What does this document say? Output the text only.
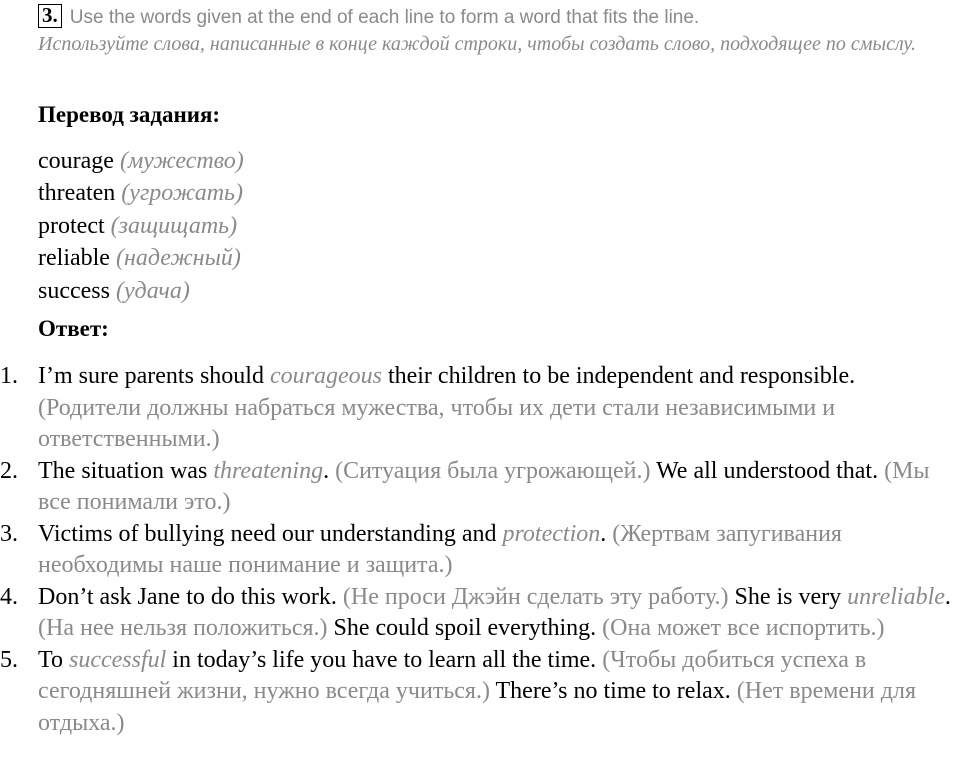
3. Use the words given at the end of each line to form a word that fits the line.
Используйте слова, написанные в конце каждой строки, чтобы создать слово, подходящее по смыслу.
Перевод задания:
courage (мужество)
threaten (угрожать)
protect (защищать)
reliable (надежный)
success (удача)
Ответ:
1. I’m sure parents should courageous their children to be independent and responsible. (Родители должны набраться мужества, чтобы их дети стали независимыми и ответственными.)
2. The situation was threatening. (Ситуация была угрожающей.) We all understood that. (Мы все понимали это.)
3. Victims of bullying need our understanding and protection. (Жертвам запугивания необходимы наше понимание и защита.)
4. Don’t ask Jane to do this work. (Не проси Джэйн сделать эту работу.) She is very unreliable. (На нее нельзя положиться.) She could spoil everything. (Она может все испортить.)
5. To successful in today’s life you have to learn all the time. (Чтобы добиться успеха в сегодняшней жизни, нужно всегда учиться.) There’s no time to relax. (Нет времени для отдыха.)
